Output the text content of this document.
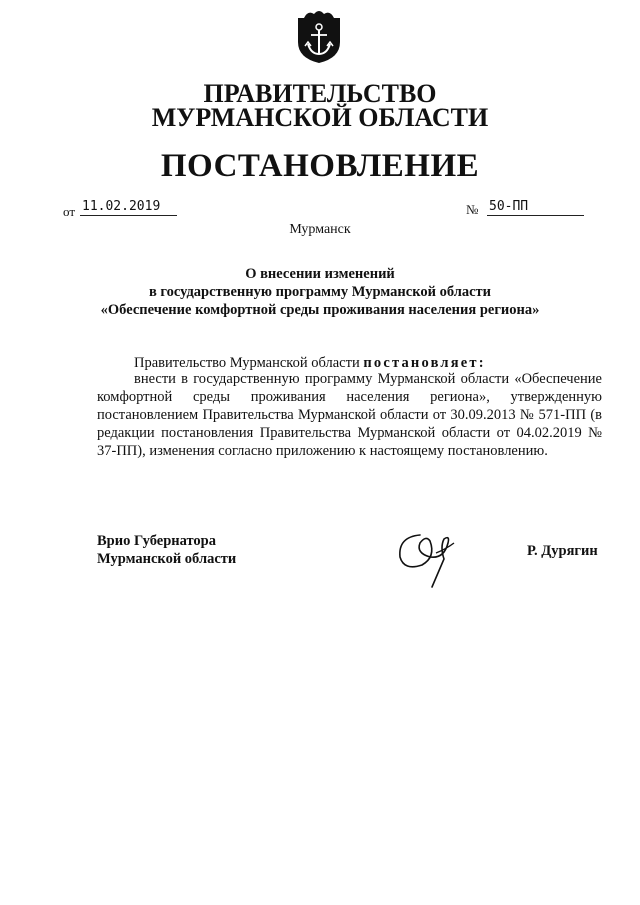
ПРАВИТЕЛЬСТВО
МУРМАНСКОЙ ОБЛАСТИ
ПОСТАНОВЛЕНИЕ
от 11.02.2019	№ 50-ПП
Мурманск
О внесении изменений
в государственную программу Мурманской области
«Обеспечение комфортной среды проживания населения региона»
Правительство Мурманской области постановляет:
внести в государственную программу Мурманской области «Обеспечение комфортной среды проживания населения региона», утвержденную постановлением Правительства Мурманской области от 30.09.2013 № 571-ПП (в редакции постановления Правительства Мурманской области от 04.02.2019 № 37-ПП), изменения согласно приложению к настоящему постановлению.
Врио Губернатора
Мурманской области	Р. Дурягин
